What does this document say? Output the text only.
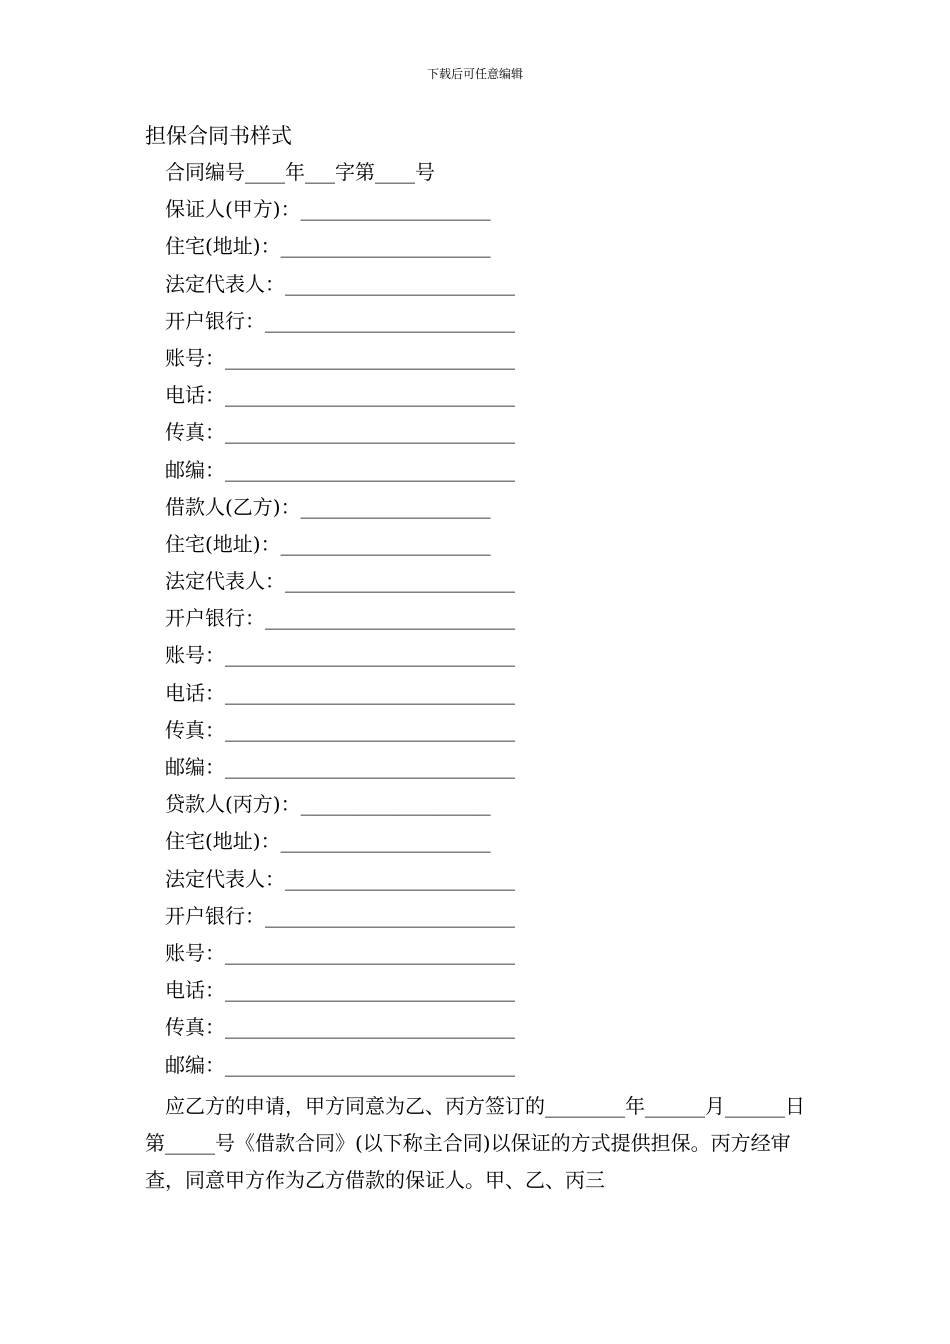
下载后可任意编辑
担保合同书样式
合同编号____年___字第____号
保证人(甲方)：___________________
住宅(地址)：_____________________
法定代表人：_______________________
开户银行：_________________________
账号：_____________________________
电话：_____________________________
传真：_____________________________
邮编：_____________________________
借款人(乙方)：___________________
住宅(地址)：_____________________
法定代表人：_______________________
开户银行：_________________________
账号：_____________________________
电话：_____________________________
传真：_____________________________
邮编：_____________________________
贷款人(丙方)：___________________
住宅(地址)：_____________________
法定代表人：_______________________
开户银行：_________________________
账号：_____________________________
电话：_____________________________
传真：_____________________________
邮编：_____________________________
应乙方的申请，甲方同意为乙、丙方签订的________年______月______日第_____号《借款合同》(以下称主合同)以保证的方式提供担保。丙方经审查，同意甲方作为乙方借款的保证人。甲、乙、丙三
